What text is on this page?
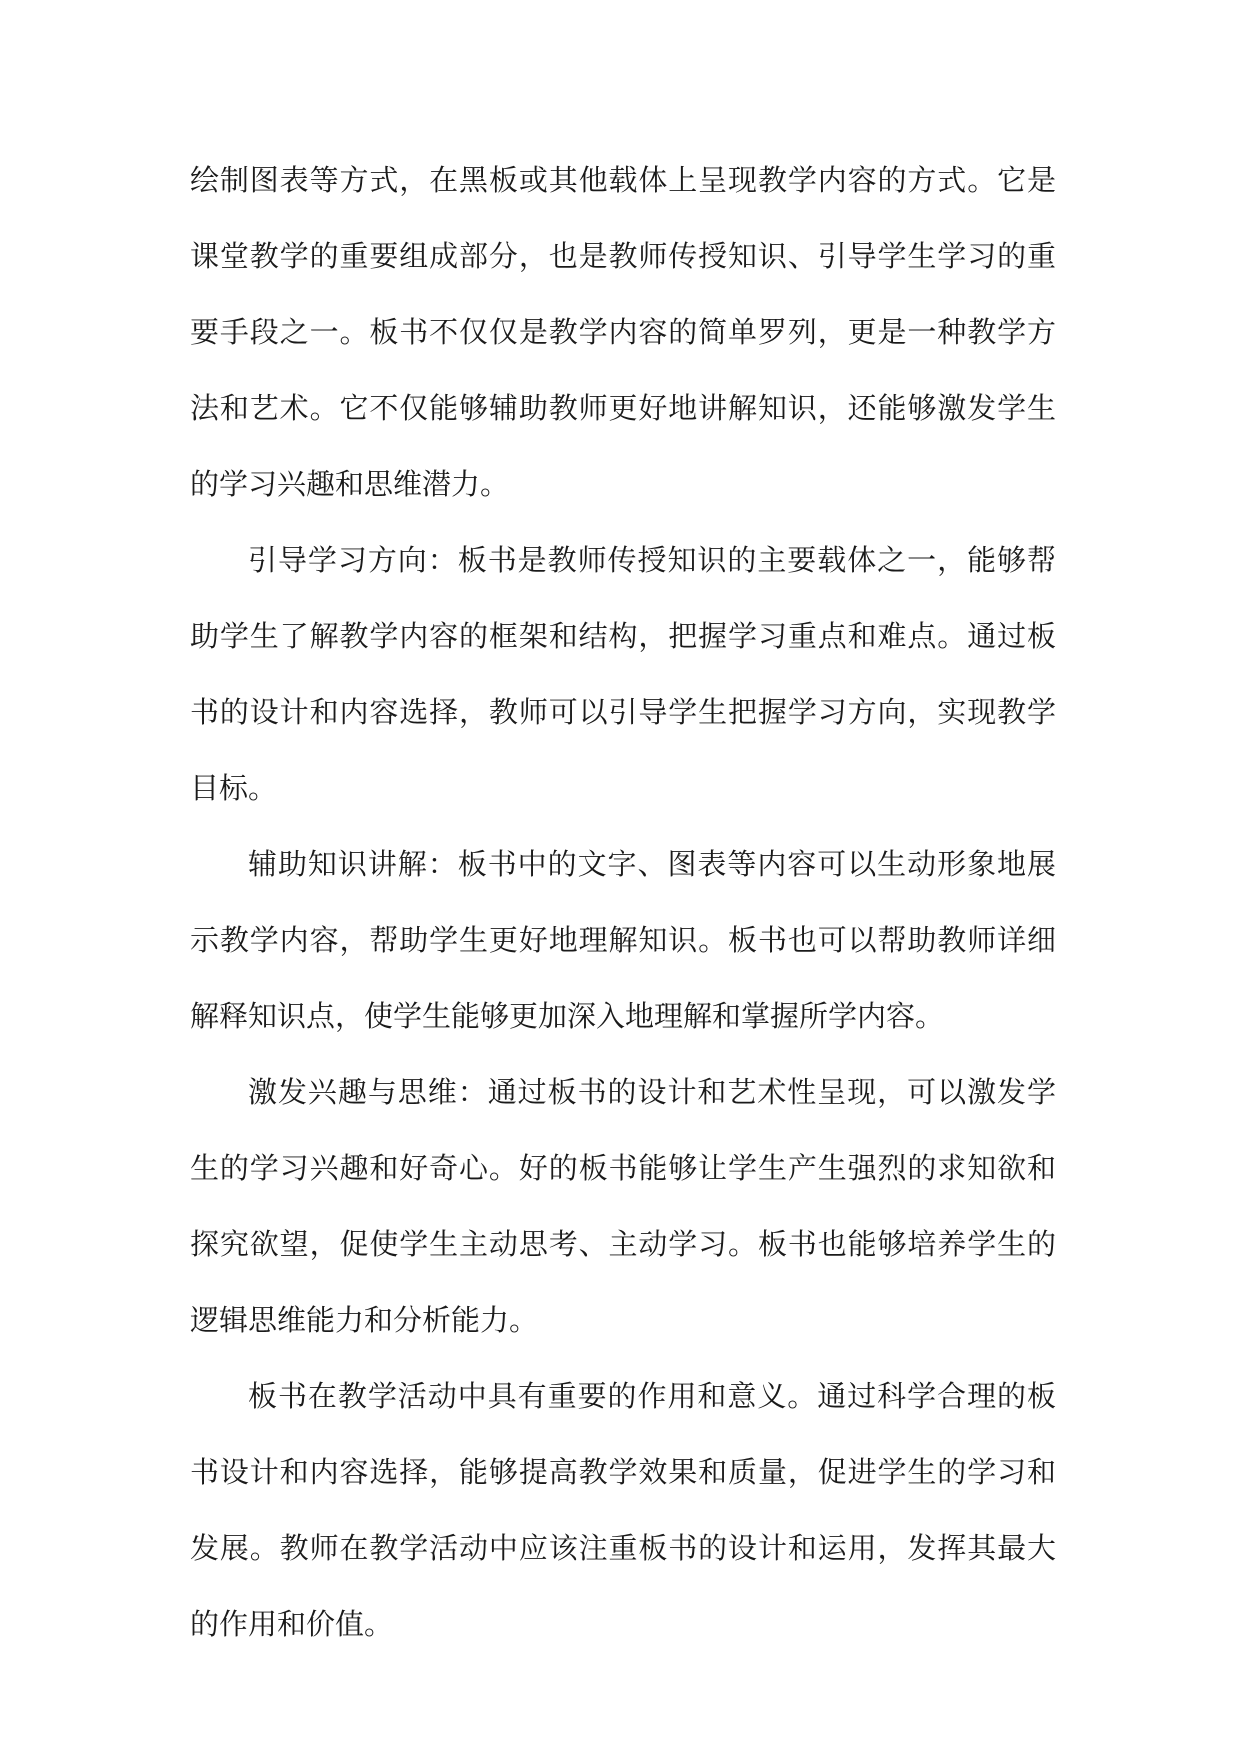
绘制图表等方式，在黑板或其他载体上呈现教学内容的方式。它是课堂教学的重要组成部分，也是教师传授知识、引导学生学习的重要手段之一。板书不仅仅是教学内容的简单罗列，更是一种教学方法和艺术。它不仅能够辅助教师更好地讲解知识，还能够激发学生的学习兴趣和思维潜力。

引导学习方向：板书是教师传授知识的主要载体之一，能够帮助学生了解教学内容的框架和结构，把握学习重点和难点。通过板书的设计和内容选择，教师可以引导学生把握学习方向，实现教学目标。

辅助知识讲解：板书中的文字、图表等内容可以生动形象地展示教学内容，帮助学生更好地理解知识。板书也可以帮助教师详细解释知识点，使学生能够更加深入地理解和掌握所学内容。

激发兴趣与思维：通过板书的设计和艺术性呈现，可以激发学生的学习兴趣和好奇心。好的板书能够让学生产生强烈的求知欲和探究欲望，促使学生主动思考、主动学习。板书也能够培养学生的逻辑思维能力和分析能力。

板书在教学活动中具有重要的作用和意义。通过科学合理的板书设计和内容选择，能够提高教学效果和质量，促进学生的学习和发展。教师在教学活动中应该注重板书的设计和运用，发挥其最大的作用和价值。
